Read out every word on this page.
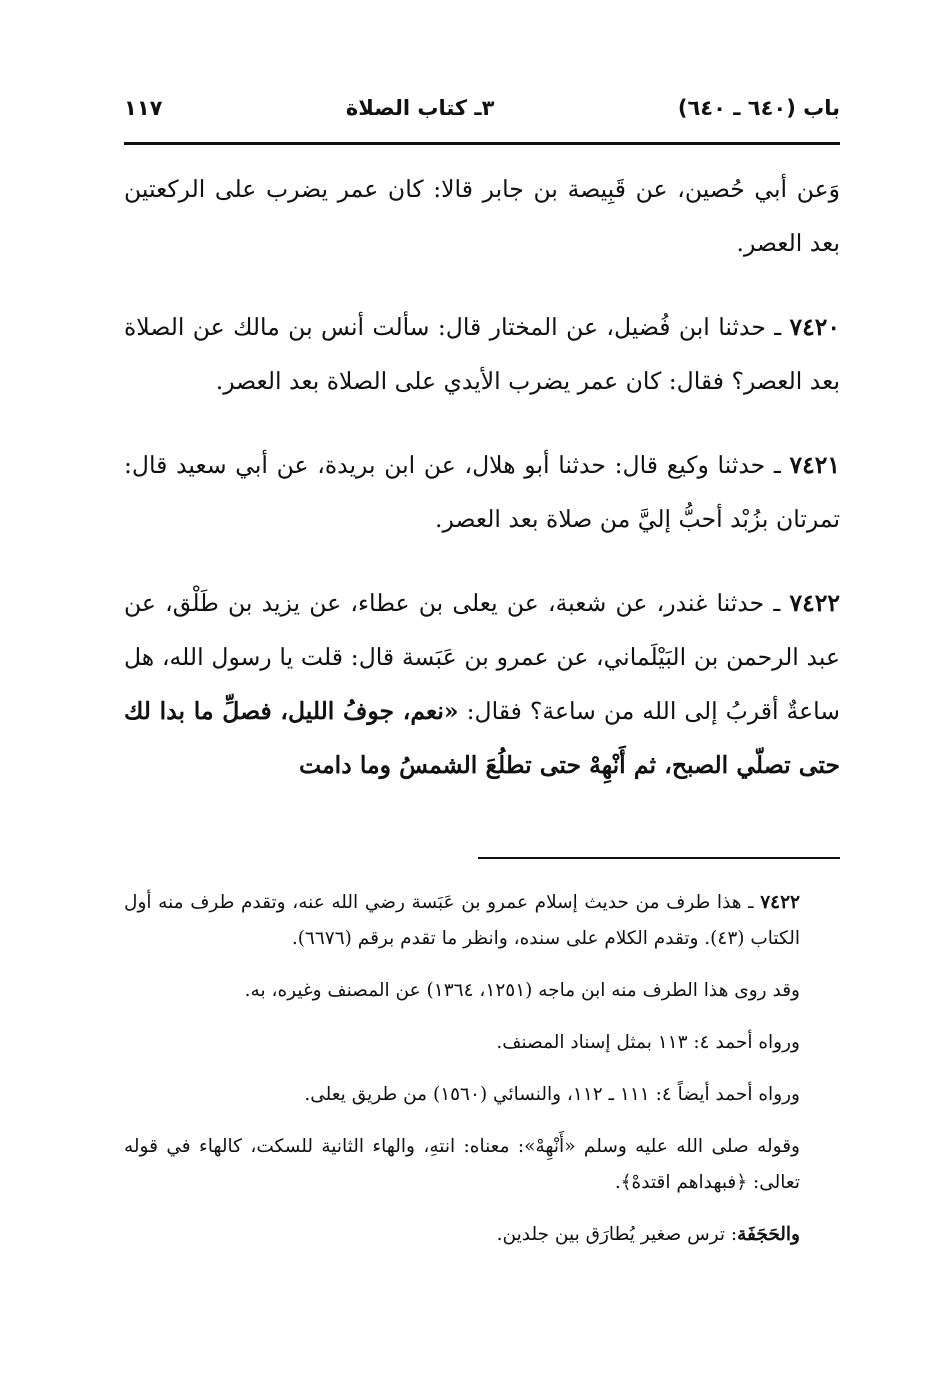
باب (٦٤٠ ـ ٦٤٠)
٣ـ كتاب الصلاة
١١٧

وَعن أبي حُصين، عن قَبِيصة بن جابر قالا: كان عمر يضرب على الركعتين بعد العصر.

٧٤٢٠ ـ حدثنا ابن فُضيل، عن المختار قال: سألت أنس بن مالك عن الصلاة بعد العصر؟ فقال: كان عمر يضرب الأيدي على الصلاة بعد العصر.

٧٤٢١ ـ حدثنا وكيع قال: حدثنا أبو هلال، عن ابن بريدة، عن أبي سعيد قال: تمرتان بزُبْد أحبُّ إليَّ من صلاة بعد العصر.

٧٤٢٢ ـ حدثنا غندر، عن شعبة، عن يعلى بن عطاء، عن يزيد بن طَلْق، عن عبد الرحمن بن البَيْلَماني، عن عمرو بن عَبَسة قال: قلت يا رسول الله، هل ساعةٌ أقربُ إلى الله من ساعة؟ فقال: «نعم، جوفُ الليل، فصلِّ ما بدا لك حتى تصلّي الصبح، ثم أَنْهِهْ حتى تطلُعَ الشمسُ وما دامت

٧٤٢٢ ـ هذا طرف من حديث إسلام عمرو بن عَبَسة رضي الله عنه، وتقدم طرف منه أول الكتاب (٤٣). وتقدم الكلام على سنده، وانظر ما تقدم برقم (٦٦٧٦).

وقد روى هذا الطرف منه ابن ماجه (١٢٥١، ١٣٦٤) عن المصنف وغيره، به.

ورواه أحمد ٤: ١١٣ بمثل إسناد المصنف.

ورواه أحمد أيضاً ٤: ١١١ ـ ١١٢، والنسائي (١٥٦٠) من طريق يعلى.

وقوله صلى الله عليه وسلم «أَنْهِهْ»: معناه: انتهِ، والهاء الثانية للسكت، كالهاء في قوله تعالى: ﴿فبهداهم اقتدهْ﴾.

والحَجَفَة: ترس صغير يُطارَق بين جلدين.
